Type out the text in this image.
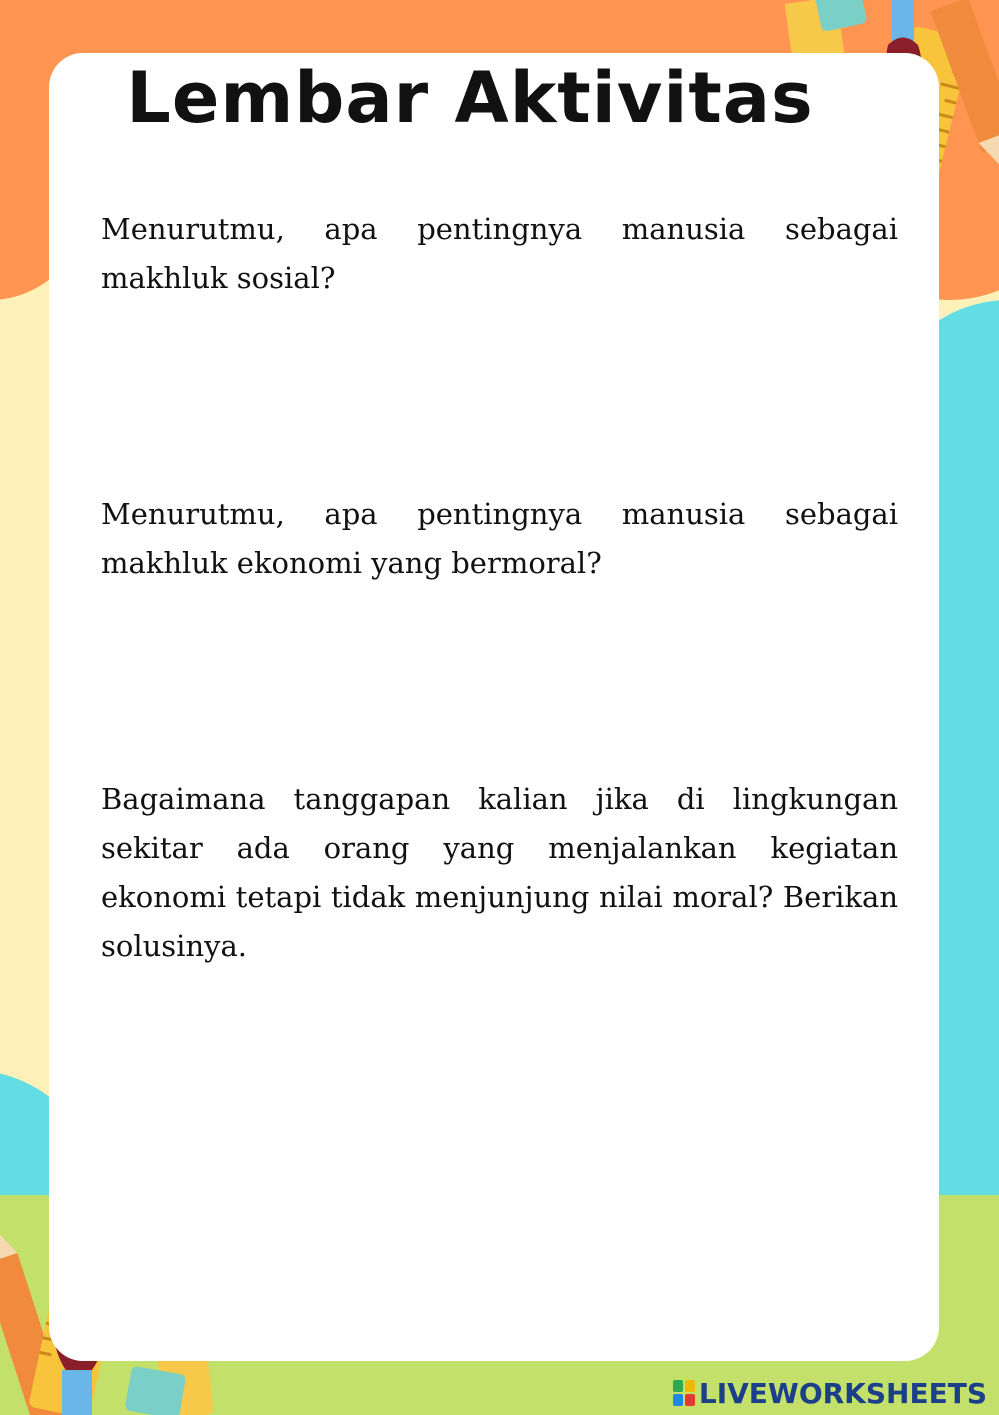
Lembar Aktivitas

Menurutmu, apa pentingnya manusia sebagai makhluk sosial?

Menurutmu, apa pentingnya manusia sebagai makhluk ekonomi yang bermoral?

Bagaimana tanggapan kalian jika di lingkungan sekitar ada orang yang menjalankan kegiatan ekonomi tetapi tidak menjunjung nilai moral? Berikan solusinya.

LIVEWORKSHEETS
